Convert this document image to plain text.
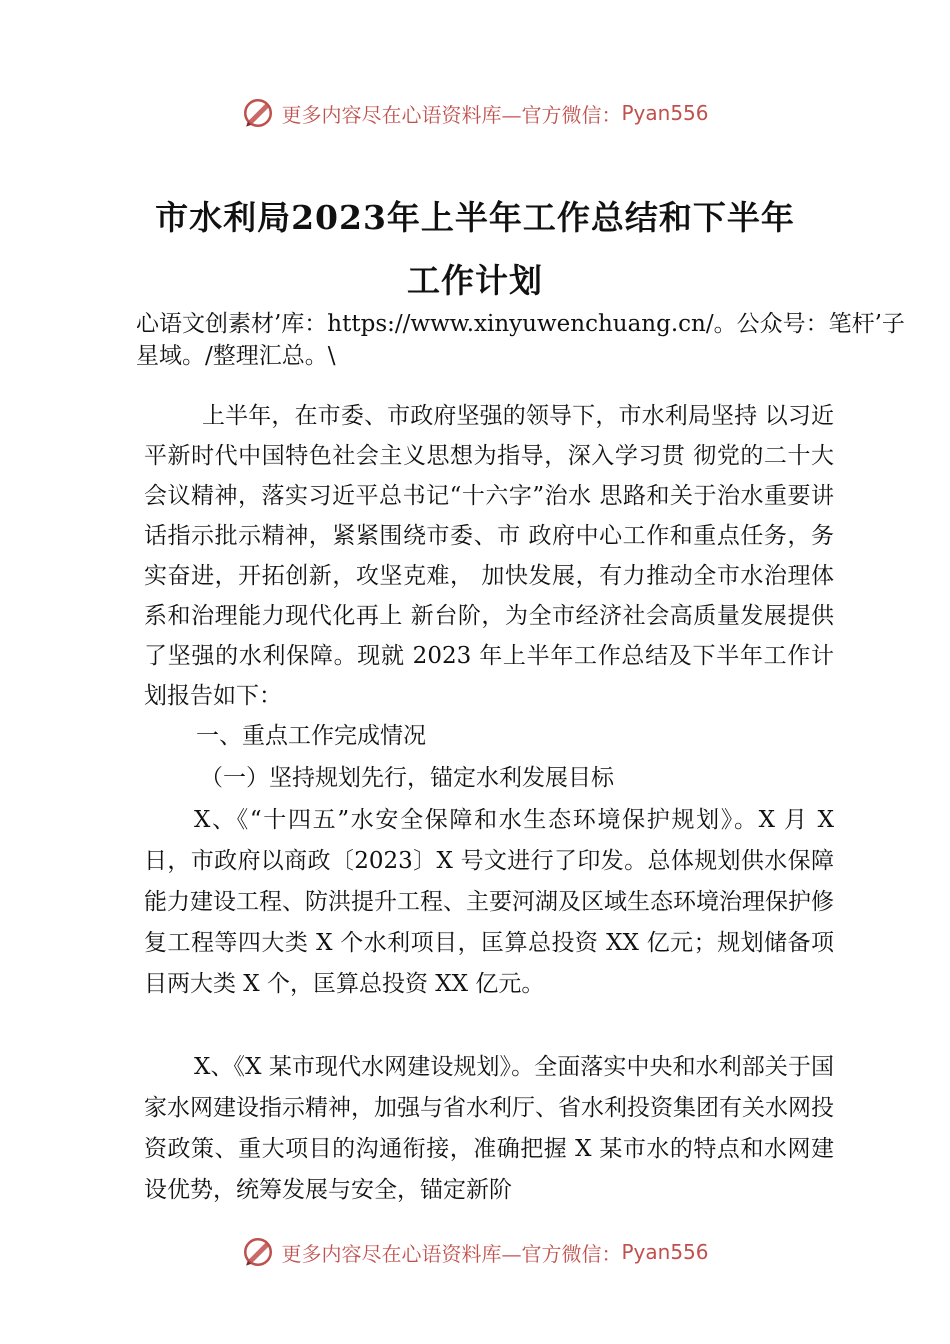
更多内容尽在心语资料库—官方微信： Pyan556
市水利局2023年上半年工作总结和下半年
工作计划
心语文创素材’库：https://www.xinyuwenchuang.cn/。公众号：笔杆’子星域。/整理汇总。\
上半年，在市委、市政府坚强的领导下，市水利局坚持 以习近平新时代中国特色社会主义思想为指导，深入学习贯 彻党的二十大会议精神，落实习近平总书记“十六字”治水 思路和关于治水重要讲话指示批示精神，紧紧围绕市委、市 政府中心工作和重点任务，务实奋进，开拓创新，攻坚克难， 加快发展，有力推动全市水治理体系和治理能力现代化再上 新台阶，为全市经济社会高质量发展提供了坚强的水利保障。现就 2023 年上半年工作总结及下半年工作计划报告如下：
一、重点工作完成情况
（一）坚持规划先行，锚定水利发展目标
X、《“十四五”水安全保障和水生态环境保护规划》。X 月 X 日，市政府以商政〔2023〕X 号文进行了印发。总体规划供水保障能力建设工程、防洪提升工程、主要河湖及区域生态环境治理保护修复工程等四大类 X 个水利项目，匡算总投资 XX 亿元；规划储备项目两大类 X 个，匡算总投资 XX 亿元。
X、《X 某市现代水网建设规划》。全面落实中央和水利部关于国家水网建设指示精神，加强与省水利厅、省水利投资集团有关水网投资政策、重大项目的沟通衔接，准确把握 X 某市水的特点和水网建设优势，统筹发展与安全，锚定新阶
更多内容尽在心语资料库—官方微信： Pyan556
